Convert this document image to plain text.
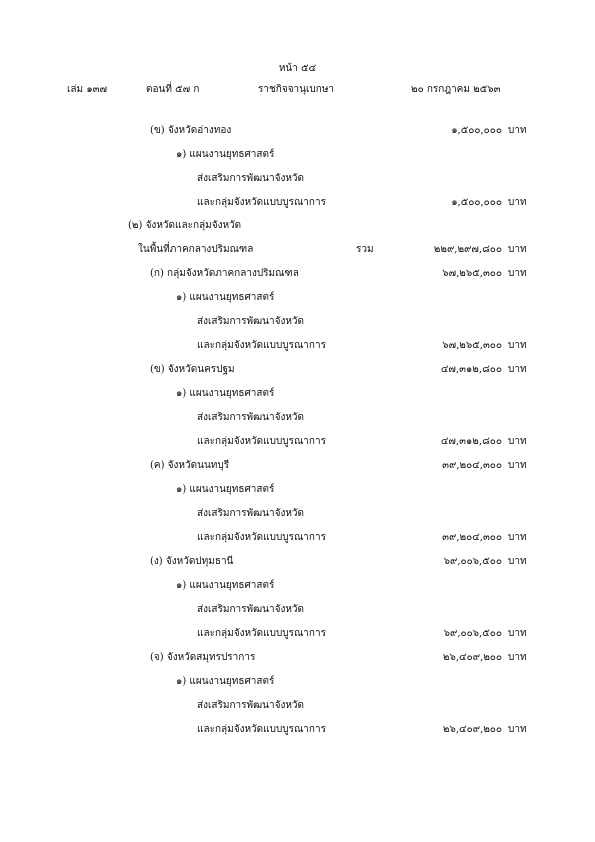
หน้า ๕๔
เล่ม ๑๓๗	ตอนที่ ๕๗ ก	ราชกิจจานุเบกษา	๒๐ กรกฎาคม ๒๕๖๓
(ข) จังหวัดอ่างทอง	๑,๕๐๐,๐๐๐ บาท
๑) แผนงานยุทธศาสตร์
ส่งเสริมการพัฒนาจังหวัด
และกลุ่มจังหวัดแบบบูรณาการ	๑,๕๐๐,๐๐๐ บาท
(๒) จังหวัดและกลุ่มจังหวัด
ในพื้นที่ภาคกลางปริมณฑล	รวม	๒๒๙,๒๙๗,๘๐๐ บาท
(ก) กลุ่มจังหวัดภาคกลางปริมณฑล	๖๗,๒๖๕,๓๐๐ บาท
๑) แผนงานยุทธศาสตร์
ส่งเสริมการพัฒนาจังหวัด
และกลุ่มจังหวัดแบบบูรณาการ	๖๗,๒๖๕,๓๐๐ บาท
(ข) จังหวัดนครปฐม	๔๗,๓๑๒,๘๐๐ บาท
๑) แผนงานยุทธศาสตร์
ส่งเสริมการพัฒนาจังหวัด
และกลุ่มจังหวัดแบบบูรณาการ	๔๗,๓๑๒,๘๐๐ บาท
(ค) จังหวัดนนทบุรี	๓๙,๒๐๔,๓๐๐ บาท
๑) แผนงานยุทธศาสตร์
ส่งเสริมการพัฒนาจังหวัด
และกลุ่มจังหวัดแบบบูรณาการ	๓๙,๒๐๔,๓๐๐ บาท
(ง) จังหวัดปทุมธานี	๖๙,๐๐๖,๕๐๐ บาท
๑) แผนงานยุทธศาสตร์
ส่งเสริมการพัฒนาจังหวัด
และกลุ่มจังหวัดแบบบูรณาการ	๖๙,๐๐๖,๕๐๐ บาท
(จ) จังหวัดสมุทรปราการ	๒๖,๔๐๙,๒๐๐ บาท
๑) แผนงานยุทธศาสตร์
ส่งเสริมการพัฒนาจังหวัด
และกลุ่มจังหวัดแบบบูรณาการ	๒๖,๔๐๙,๒๐๐ บาท
